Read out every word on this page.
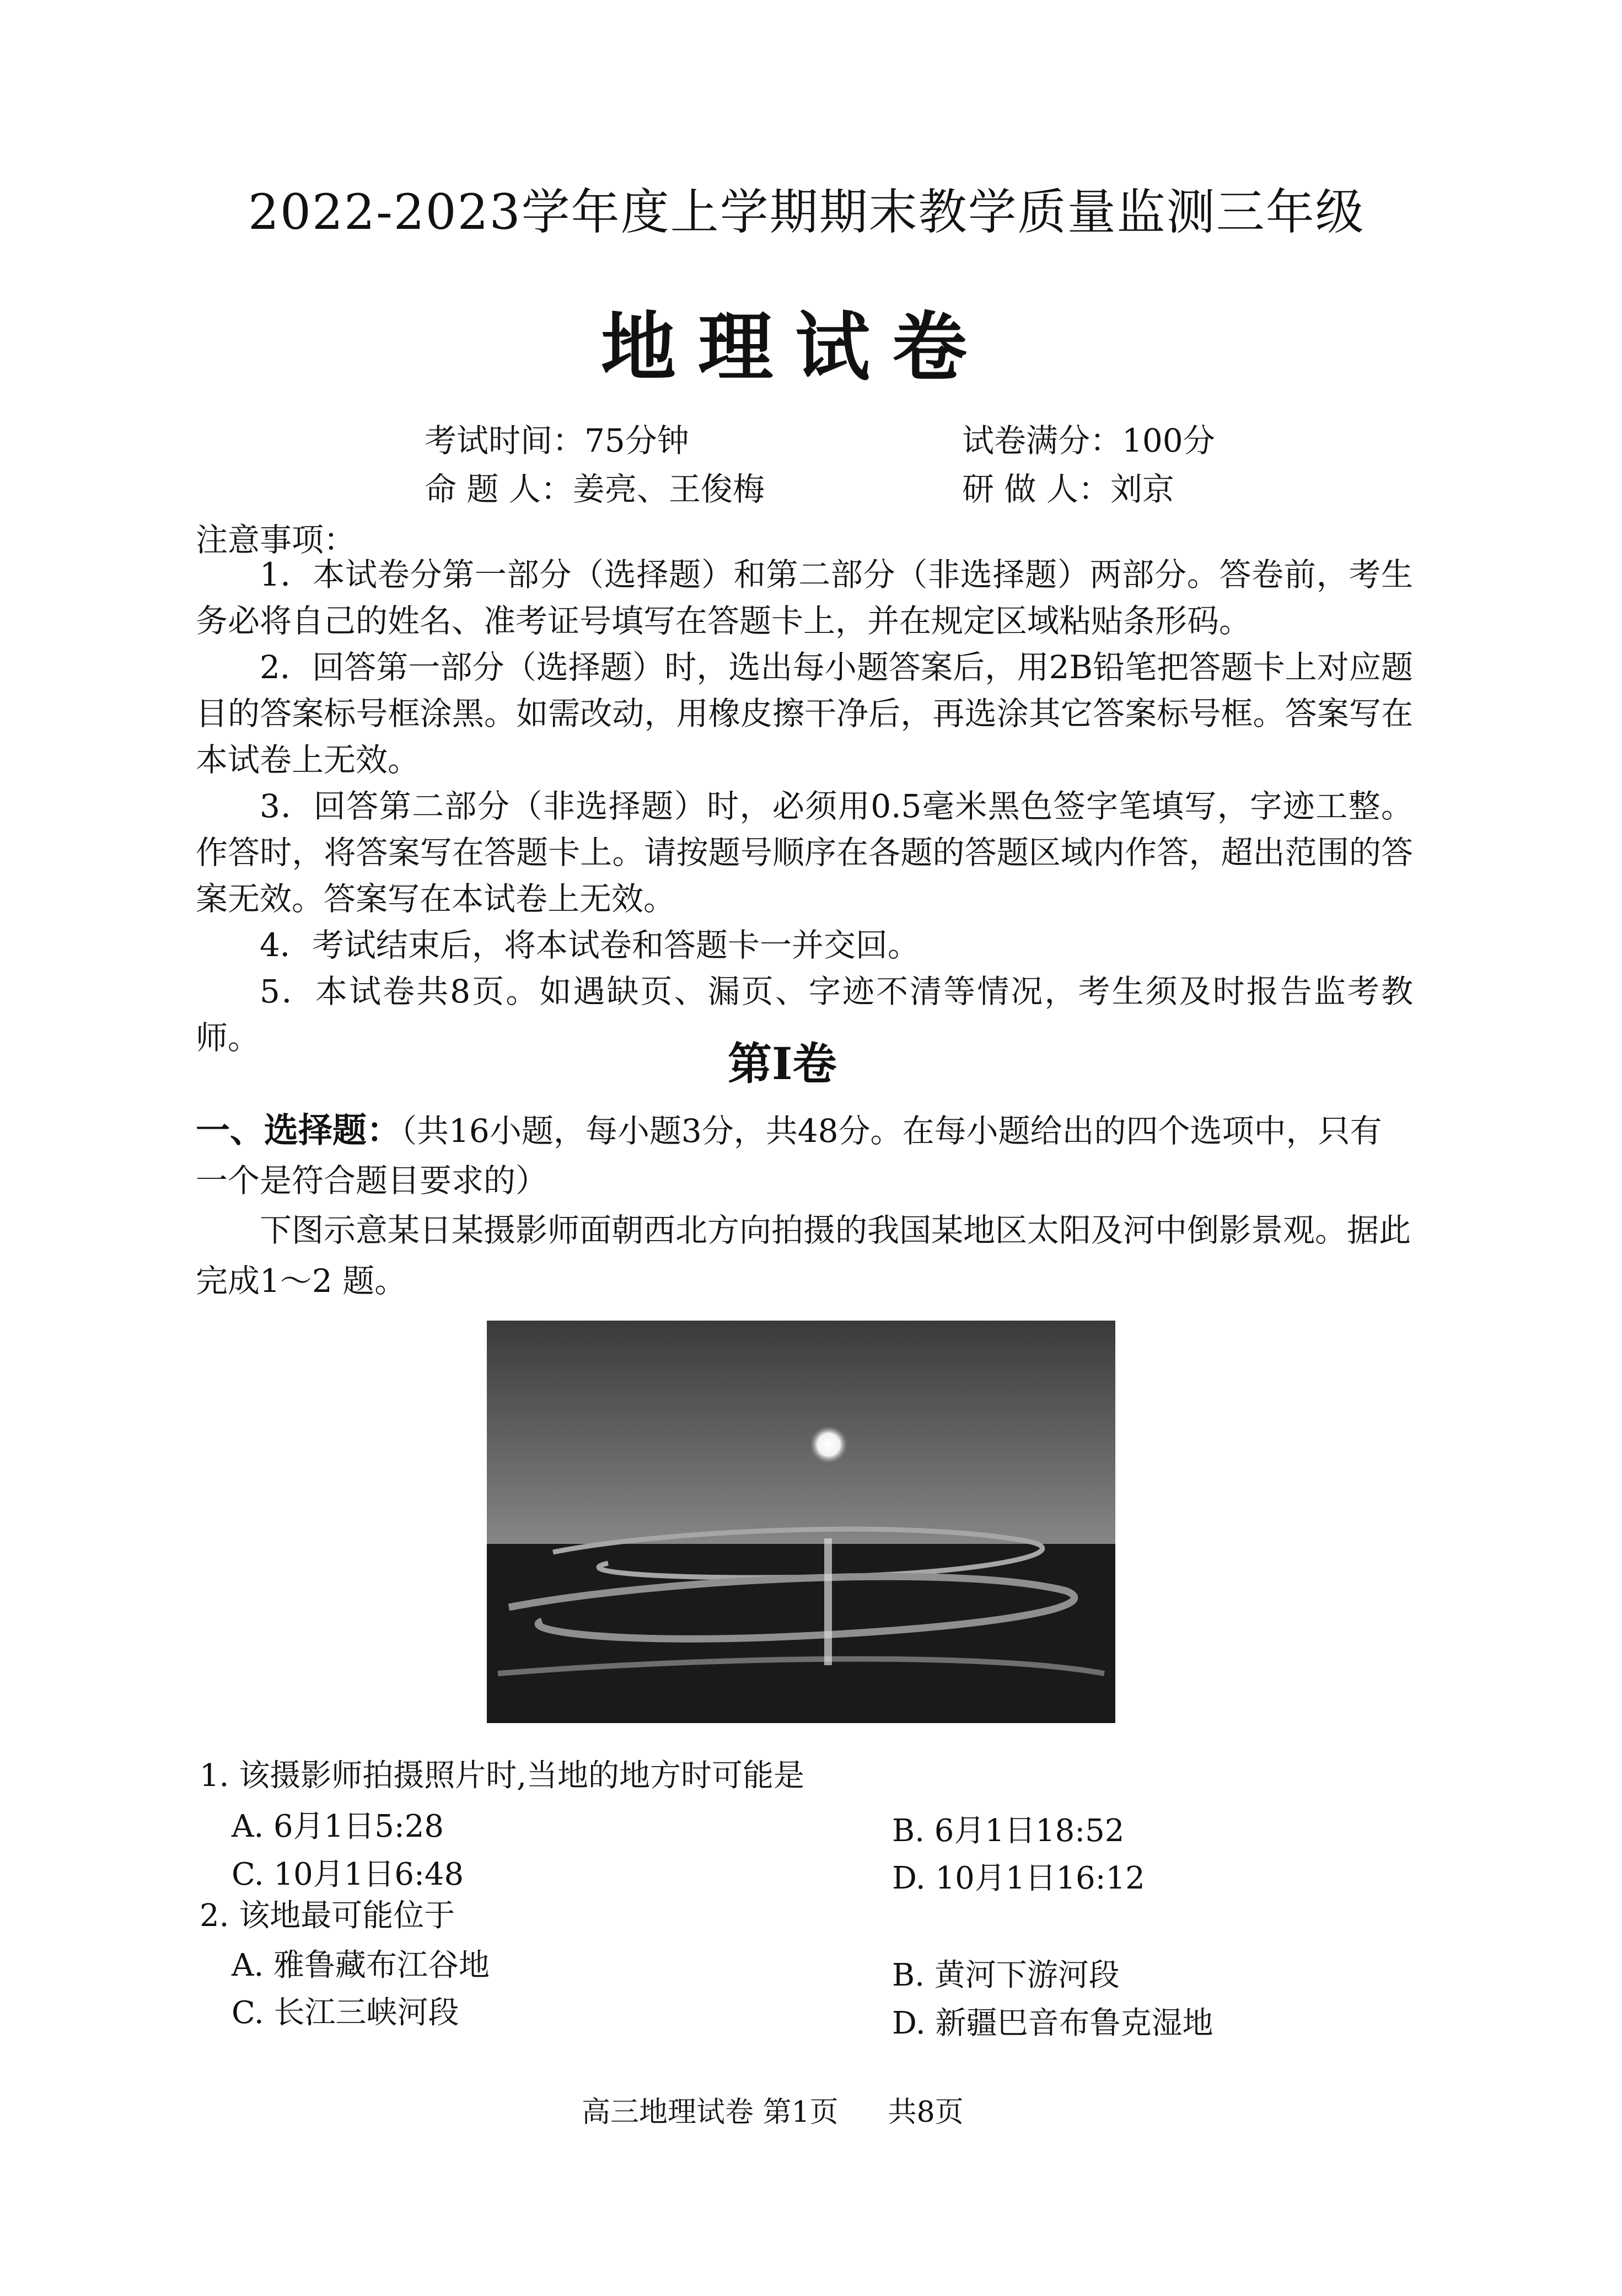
2022-2023学年度上学期期末教学质量监测三年级
地理试卷
考试时间：75分钟	试卷满分：100分
命 题 人：姜亮、王俊梅	研 做 人：刘京
注意事项：

1．本试卷分第一部分（选择题）和第二部分（非选择题）两部分。答卷前，考生务必将自己的姓名、准考证号填写在答题卡上，并在规定区域粘贴条形码。

2．回答第一部分（选择题）时，选出每小题答案后，用2B铅笔把答题卡上对应题目的答案标号框涂黑。如需改动，用橡皮擦干净后，再选涂其它答案标号框。答案写在本试卷上无效。

3．回答第二部分（非选择题）时，必须用0.5毫米黑色签字笔填写，字迹工整。作答时，将答案写在答题卡上。请按题号顺序在各题的答题区域内作答，超出范围的答案无效。答案写在本试卷上无效。

4．考试结束后，将本试卷和答题卡一并交回。

5．本试卷共8页。如遇缺页、漏页、字迹不清等情况，考生须及时报告监考教师。	第Ⅰ卷
一、选择题：（共16小题，每小题3分，共48分。在每小题给出的四个选项中，只有一个是符合题目要求的）
下图示意某日某摄影师面朝西北方向拍摄的我国某地区太阳及河中倒影景观。据此完成1～2 题。
1. 该摄影师拍摄照片时,当地的地方时可能是
A. 6月1日5:28	B. 6月1日18:52
C. 10月1日6:48	D. 10月1日16:12
2. 该地最可能位于
A. 雅鲁藏布江谷地	B. 黄河下游河段
C. 长江三峡河段	D. 新疆巴音布鲁克湿地
高三地理试卷 第1页 共8页
